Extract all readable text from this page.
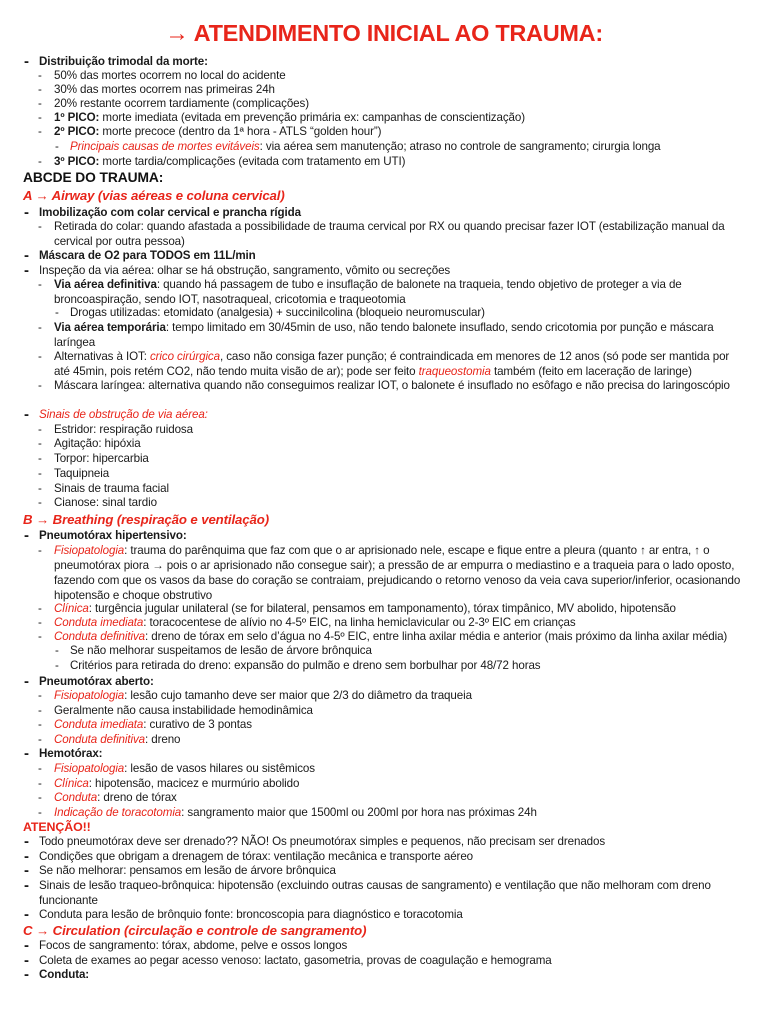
→ ATENDIMENTO INICIAL AO TRAUMA:
- Distribuição trimodal da morte:
- 50% das mortes ocorrem no local do acidente
- 30% das mortes ocorrem nas primeiras 24h
- 20% restante ocorrem tardiamente (complicações)
- 1º PICO: morte imediata (evitada em prevenção primária ex: campanhas de conscientização)
- 2º PICO: morte precoce (dentro da 1ª hora - ATLS “golden hour”)
- Principais causas de mortes evitáveis: via aérea sem manutenção; atraso no controle de sangramento; cirurgia longa
- 3º PICO: morte tardia/complicações (evitada com tratamento em UTI)
ABCDE DO TRAUMA:
A → Airway (vias aéreas e coluna cervical)
- Imobilização com colar cervical e prancha rígida
- Retirada do colar: quando afastada a possibilidade de trauma cervical por RX ou quando precisar fazer IOT (estabilização manual da cervical por outra pessoa)
- Máscara de O2 para TODOS em 11L/min
- Inspeção da via aérea: olhar se há obstrução, sangramento, vômito ou secreções
- Via aérea definitiva: quando há passagem de tubo e insuflação de balonete na traqueia, tendo objetivo de proteger a via de broncoaspiração, sendo IOT, nasotraqueal, cricotomia e traqueotomia
- Drogas utilizadas: etomidato (analgesia) + succinilcolina (bloqueio neuromuscular)
- Via aérea temporária: tempo limitado em 30/45min de uso, não tendo balonete insuflado, sendo cricotomia por punção e máscara laríngea
- Alternativas à IOT: crico cirúrgica, caso não consiga fazer punção; é contraindicada em menores de 12 anos (só pode ser mantida por até 45min, pois retém CO2, não tendo muita visão de ar); pode ser feito traqueostomia também (feito em laceração de laringe)
- Máscara laríngea: alternativa quando não conseguimos realizar IOT, o balonete é insuflado no esôfago e não precisa do laringoscópio
- Sinais de obstrução de via aérea:
- Estridor: respiração ruidosa
- Agitação: hipóxia
- Torpor: hipercarbia
- Taquipneia
- Sinais de trauma facial
- Cianose: sinal tardio
B → Breathing (respiração e ventilação)
- Pneumotórax hipertensivo:
- Fisiopatologia: trauma do parênquima que faz com que o ar aprisionado nele, escape e fique entre a pleura (quanto ↑ ar entra, ↑ o pneumotórax piora → pois o ar aprisionado não consegue sair); a pressão de ar empurra o mediastino e a traqueia para o lado oposto, fazendo com que os vasos da base do coração se contraiam, prejudicando o retorno venoso da veia cava superior/inferior, ocasionando hipotensão e choque obstrutivo
- Clínica: turgência jugular unilateral (se for bilateral, pensamos em tamponamento), tórax timpânico, MV abolido, hipotensão
- Conduta imediata: toracocentese de alívio no 4-5º EIC, na linha hemiclavicular ou 2-3º EIC em crianças
- Conduta definitiva: dreno de tórax em selo d’água no 4-5º EIC, entre linha axilar média e anterior (mais próximo da linha axilar média)
- Se não melhorar suspeitamos de lesão de árvore brônquica
- Critérios para retirada do dreno: expansão do pulmão e dreno sem borbulhar por 48/72 horas
- Pneumotórax aberto:
- Fisiopatologia: lesão cujo tamanho deve ser maior que 2/3 do diâmetro da traqueia
- Geralmente não causa instabilidade hemodinâmica
- Conduta imediata: curativo de 3 pontas
- Conduta definitiva: dreno
- Hemotórax:
- Fisiopatologia: lesão de vasos hilares ou sistêmicos
- Clínica: hipotensão, macicez e murmúrio abolido
- Conduta: dreno de tórax
- Indicação de toracotomia: sangramento maior que 1500ml ou 200ml por hora nas próximas 24h
ATENÇÃO!!
- Todo pneumotórax deve ser drenado?? NÃO! Os pneumotórax simples e pequenos, não precisam ser drenados
- Condições que obrigam a drenagem de tórax: ventilação mecânica e transporte aéreo
- Se não melhorar: pensamos em lesão de árvore brônquica
- Sinais de lesão traqueo-brônquica: hipotensão (excluindo outras causas de sangramento) e ventilação que não melhoram com dreno funcionante
- Conduta para lesão de brônquio fonte: broncoscopia para diagnóstico e toracotomia
C → Circulation (circulação e controle de sangramento)
- Focos de sangramento: tórax, abdome, pelve e ossos longos
- Coleta de exames ao pegar acesso venoso: lactato, gasometria, provas de coagulação e hemograma
- Conduta:
